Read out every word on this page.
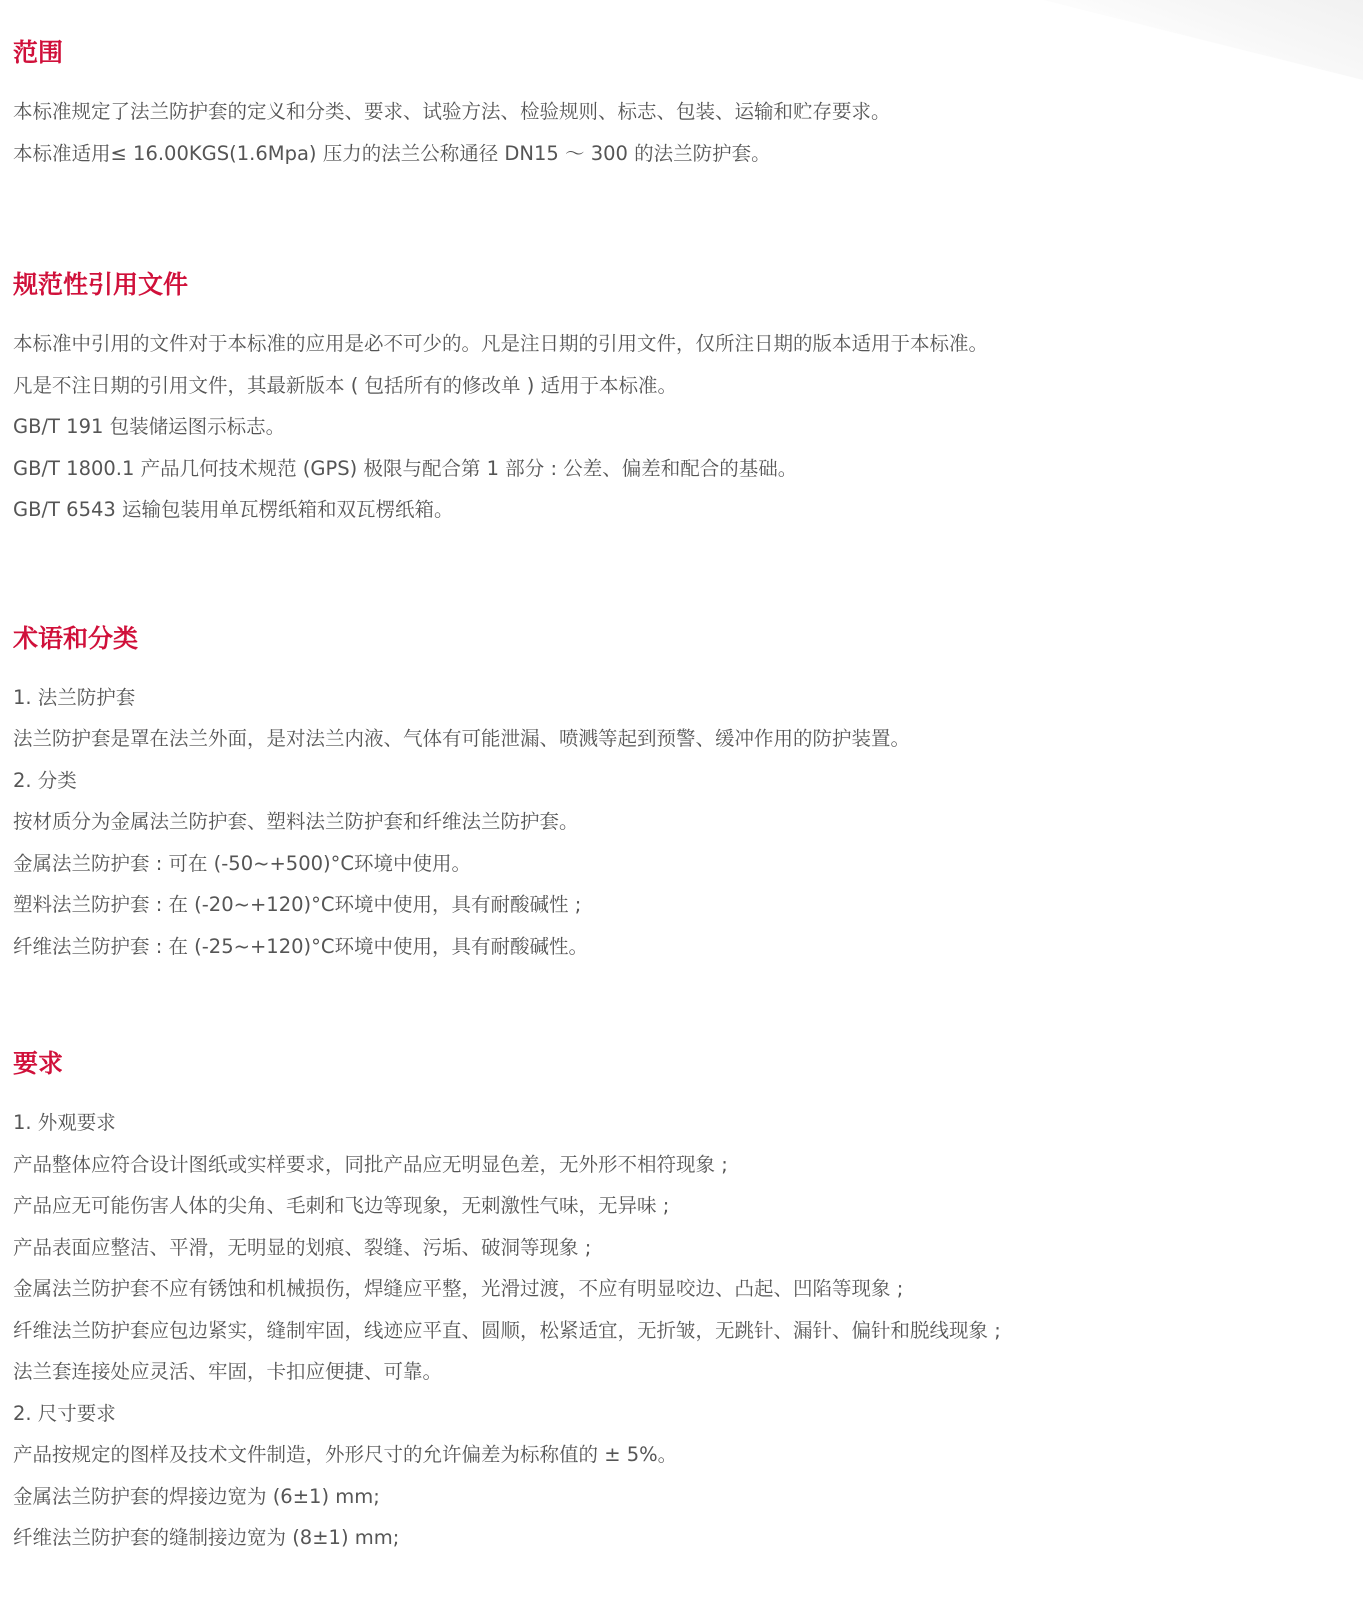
范围

本标准规定了法兰防护套的定义和分类、要求、试验方法、检验规则、标志、包装、运输和贮存要求。

本标准适用≤ 16.00KGS(1.6Mpa) 压力的法兰公称通径 DN15 ～ 300 的法兰防护套。

规范性引用文件

本标准中引用的文件对于本标准的应用是必不可少的。凡是注日期的引用文件，仅所注日期的版本适用于本标准。

凡是不注日期的引用文件，其最新版本 ( 包括所有的修改单 ) 适用于本标准。

GB/T 191 包装储运图示标志。

GB/T 1800.1 产品几何技术规范 (GPS) 极限与配合第 1 部分 : 公差、偏差和配合的基础。

GB/T 6543 运输包装用单瓦楞纸箱和双瓦楞纸箱。

术语和分类

1. 法兰防护套

法兰防护套是罩在法兰外面，是对法兰内液、气体有可能泄漏、喷溅等起到预警、缓冲作用的防护装置。

2. 分类

按材质分为金属法兰防护套、塑料法兰防护套和纤维法兰防护套。

金属法兰防护套 : 可在 (-50~+500)°C环境中使用。

塑料法兰防护套 : 在 (-20~+120)°C环境中使用，具有耐酸碱性 ;

纤维法兰防护套 : 在 (-25~+120)°C环境中使用，具有耐酸碱性。

要求

1. 外观要求

产品整体应符合设计图纸或实样要求，同批产品应无明显色差，无外形不相符现象 ;

产品应无可能伤害人体的尖角、毛刺和飞边等现象，无刺激性气味，无异味 ;

产品表面应整洁、平滑，无明显的划痕、裂缝、污垢、破洞等现象 ;

金属法兰防护套不应有锈蚀和机械损伤，焊缝应平整，光滑过渡，不应有明显咬边、凸起、凹陷等现象 ;

纤维法兰防护套应包边紧实，缝制牢固，线迹应平直、圆顺，松紧适宜，无折皱，无跳针、漏针、偏针和脱线现象 ;

法兰套连接处应灵活、牢固，卡扣应便捷、可靠。

2. 尺寸要求

产品按规定的图样及技术文件制造，外形尺寸的允许偏差为标称值的 ± 5%。

金属法兰防护套的焊接边宽为 (6±1) mm;

纤维法兰防护套的缝制接边宽为 (8±1) mm;
